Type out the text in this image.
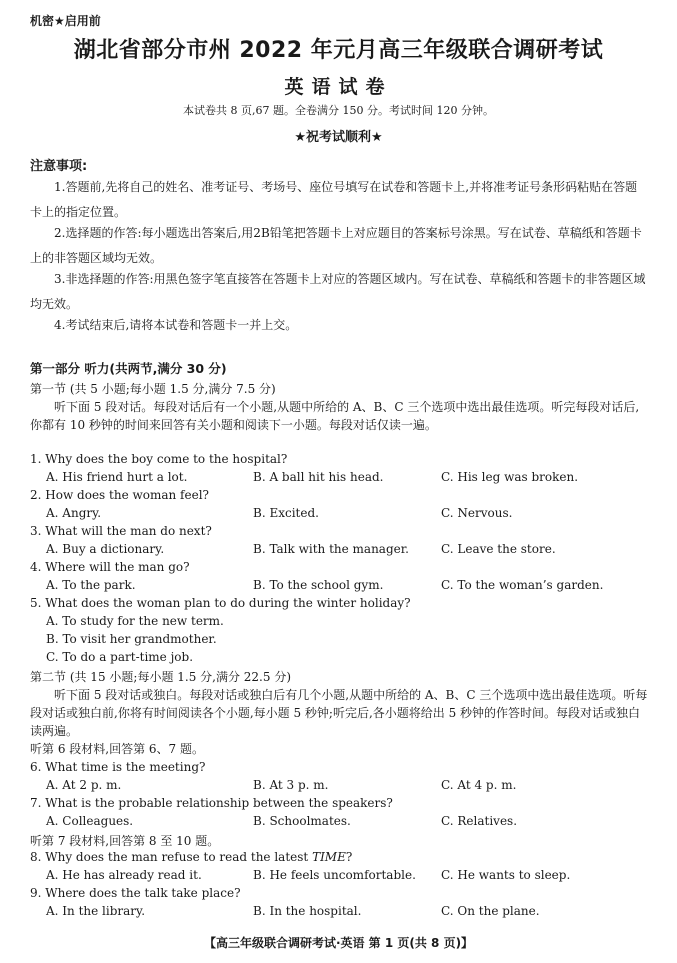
机密★启用前
湖北省部分市州 2022 年元月高三年级联合调研考试
英语试卷
本试卷共 8 页,67 题。全卷满分 150 分。考试时间 120 分钟。
★祝考试顺利★
注意事项:
1.答题前,先将自己的姓名、准考证号、考场号、座位号填写在试卷和答题卡上,并将准考证号条形码粘贴在答题卡上的指定位置。
2.选择题的作答:每小题选出答案后,用2B铅笔把答题卡上对应题目的答案标号涂黑。写在试卷、草稿纸和答题卡上的非答题区域均无效。
3.非选择题的作答:用黑色签字笔直接答在答题卡上对应的答题区域内。写在试卷、草稿纸和答题卡的非答题区域均无效。
4.考试结束后,请将本试卷和答题卡一并上交。
第一部分 听力(共两节,满分 30 分)
第一节 (共 5 小题;每小题 1.5 分,满分 7.5 分)
听下面 5 段对话。每段对话后有一个小题,从题中所给的 A、B、C 三个选项中选出最佳选项。听完每段对话后,你都有 10 秒钟的时间来回答有关小题和阅读下一小题。每段对话仅读一遍。
1. Why does the boy come to the hospital?
A. His friend hurt a lot.	B. A ball hit his head.	C. His leg was broken.
2. How does the woman feel?
A. Angry.	B. Excited.	C. Nervous.
3. What will the man do next?
A. Buy a dictionary.	B. Talk with the manager.	C. Leave the store.
4. Where will the man go?
A. To the park.	B. To the school gym.	C. To the woman’s garden.
5. What does the woman plan to do during the winter holiday?
A. To study for the new term.
B. To visit her grandmother.
C. To do a part-time job.
第二节 (共 15 小题;每小题 1.5 分,满分 22.5 分)
听下面 5 段对话或独白。每段对话或独白后有几个小题,从题中所给的 A、B、C 三个选项中选出最佳选项。听每段对话或独白前,你将有时间阅读各个小题,每小题 5 秒钟;听完后,各小题将给出 5 秒钟的作答时间。每段对话或独白读两遍。
听第 6 段材料,回答第 6、7 题。
6. What time is the meeting?
A. At 2 p. m.	B. At 3 p. m.	C. At 4 p. m.
7. What is the probable relationship between the speakers?
A. Colleagues.	B. Schoolmates.	C. Relatives.
听第 7 段材料,回答第 8 至 10 题。
8. Why does the man refuse to read the latest TIME?
A. He has already read it.	B. He feels uncomfortable. C. He wants to sleep.
9. Where does the talk take place?
A. In the library.	B. In the hospital.	C. On the plane.
【高三年级联合调研考试·英语 第 1 页(共 8 页)】
